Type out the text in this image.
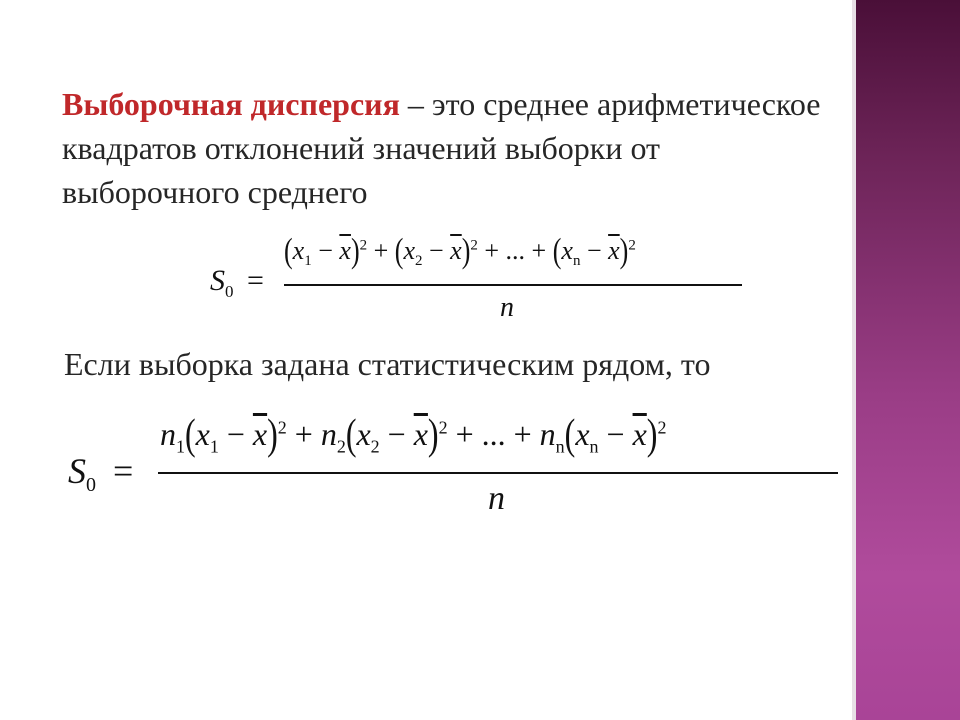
Выборочная дисперсия – это среднее арифметическое квадратов отклонений значений выборки от выборочного среднего
$S_0$ =
$(x_1 - \overline{x})^2 + (x_2 - \overline{x})^2$ + ... + $(x_n - \overline{x})^2$
n
Если выборка задана статистическим рядом, то
$S_0$ =
$n_1(x_1 - \overline{x})^2 + n_2(x_2 - \overline{x})^2$ + ... + $n_n(x_n - \overline{x})^2$
n
